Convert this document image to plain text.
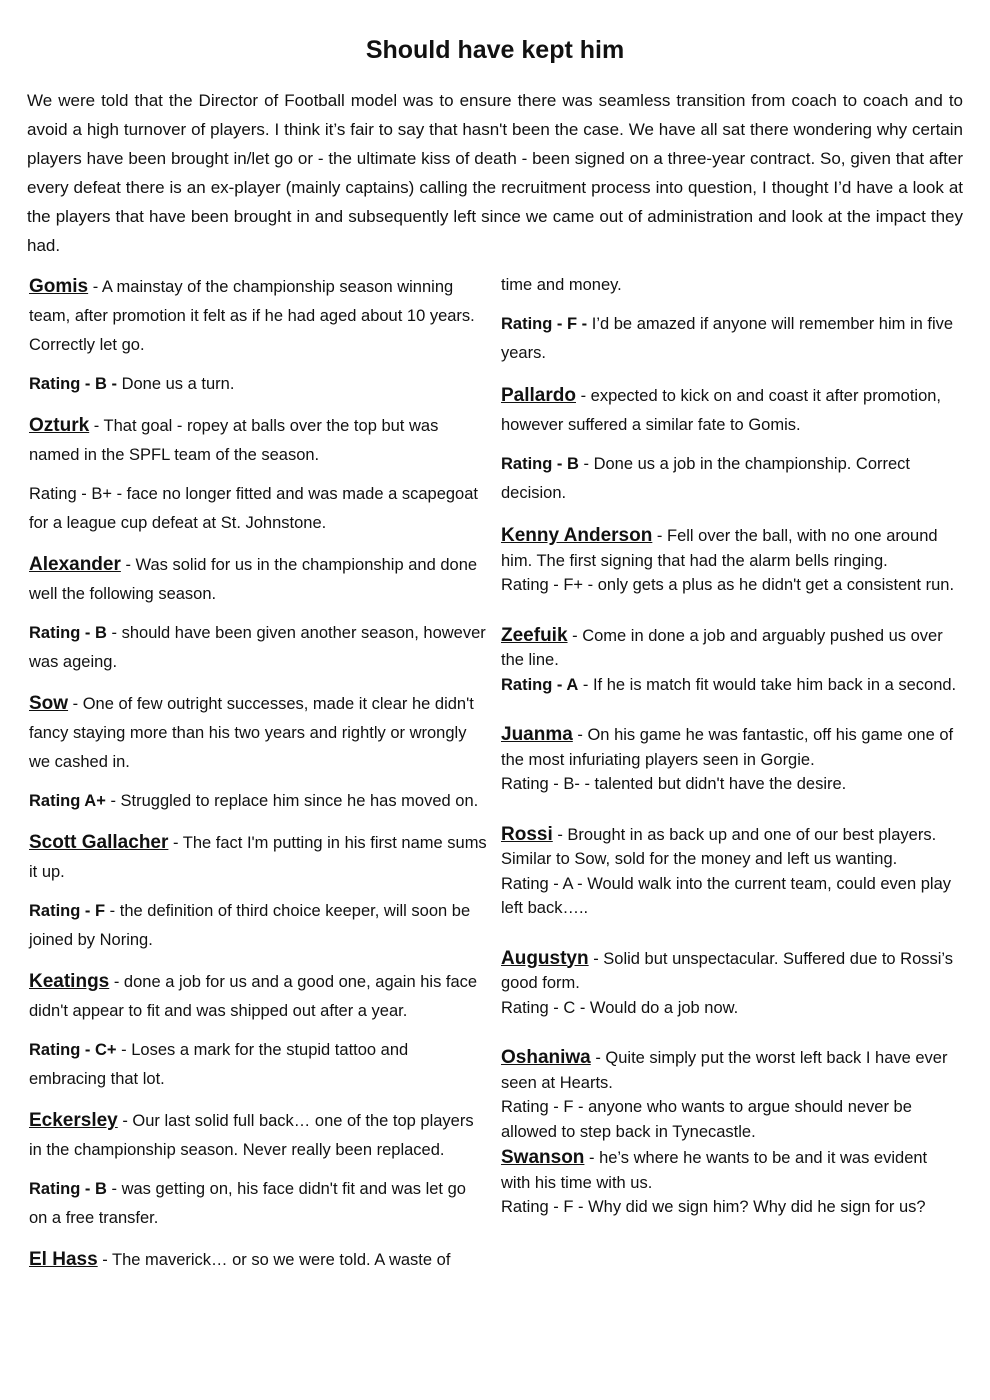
Should have kept him

We were told that the Director of Football model was to ensure there was seamless transition from coach to coach and to avoid a high turnover of players. I think it’s fair to say that hasn't been the case. We have all sat there wondering why certain players have been brought in/let go or - the ultimate kiss of death - been signed on a three-year contract. So, given that after every defeat there is an ex-player (mainly captains) calling the recruitment process into question, I thought I’d have a look at the players that have been brought in and subsequently left since we came out of administration and look at the impact they had.

Gomis - A mainstay of the championship season winning team, after promotion it felt as if he had aged about 10 years. Correctly let go.

Rating - B - Done us a turn.

Ozturk - That goal - ropey at balls over the top but was named in the SPFL team of the season.

Rating - B+ - face no longer fitted and was made a scapegoat for a league cup defeat at St. Johnstone.

Alexander - Was solid for us in the championship and done well the following season.

Rating - B - should have been given another season, however was ageing.

Sow - One of few outright successes, made it clear he didn't fancy staying more than his two years and rightly or wrongly we cashed in.

Rating A+ - Struggled to replace him since he has moved on.

Scott Gallacher - The fact I'm putting in his first name sums it up.

Rating - F - the definition of third choice keeper, will soon be joined by Noring.

Keatings - done a job for us and a good one, again his face didn't appear to fit and was shipped out after a year.

Rating - C+ - Loses a mark for the stupid tattoo and embracing that lot.

Eckersley - Our last solid full back… one of the top players in the championship season. Never really been replaced.

Rating - B - was getting on, his face didn't fit and was let go on a free transfer.

El Hass - The maverick… or so we were told. A waste of

time and money.

Rating - F - I’d be amazed if anyone will remember him in five years.

Pallardo - expected to kick on and coast it after promotion, however suffered a similar fate to Gomis.

Rating - B - Done us a job in the championship. Correct decision.

Kenny Anderson - Fell over the ball, with no one around him. The first signing that had the alarm bells ringing.

Rating - F+ - only gets a plus as he didn't get a consistent run.

Zeefuik - Come in done a job and arguably pushed us over the line.

Rating - A - If he is match fit would take him back in a second.

Juanma - On his game he was fantastic, off his game one of the most infuriating players seen in Gorgie.

Rating - B- - talented but didn't have the desire.

Rossi - Brought in as back up and one of our best players. Similar to Sow, sold for the money and left us wanting.

Rating - A - Would walk into the current team, could even play left back…..

Augustyn - Solid but unspectacular. Suffered due to Rossi’s good form.

Rating - C - Would do a job now.

Oshaniwa - Quite simply put the worst left back I have ever seen at Hearts.

Rating - F - anyone who wants to argue should never be allowed to step back in Tynecastle.

Swanson - he’s where he wants to be and it was evident with his time with us.

Rating - F - Why did we sign him? Why did he sign for us?
